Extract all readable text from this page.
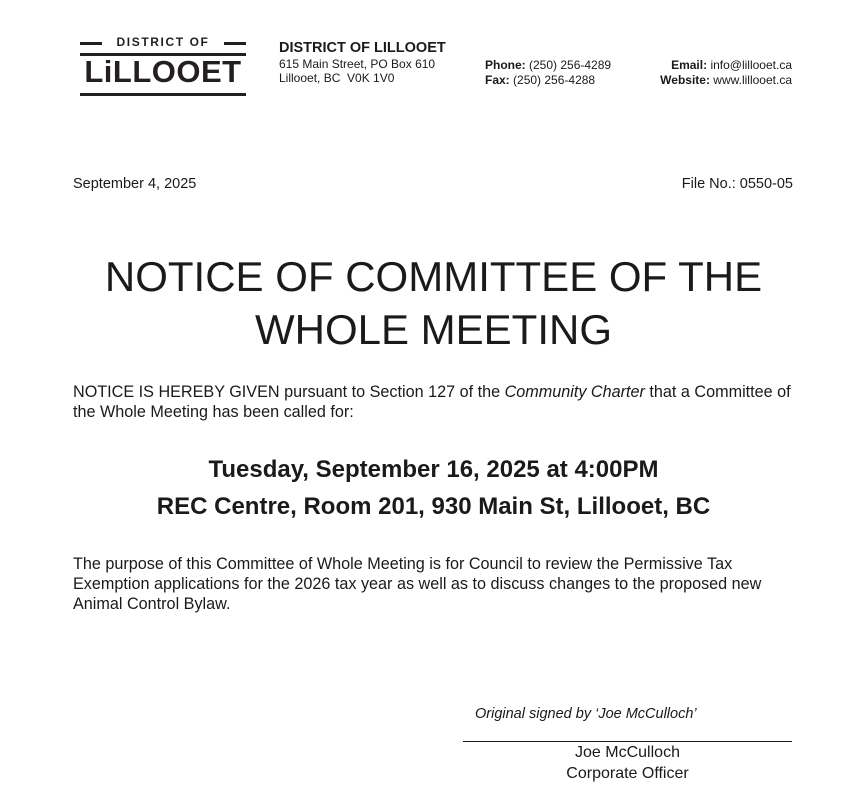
DISTRICT OF
LiLLOOET
DISTRICT OF LILLOOET
615 Main Street, PO Box 610
Lillooet, BC  V0K 1V0
Phone: (250) 256-4289
Fax: (250) 256-4288
Email: info@lillooet.ca
Website: www.lillooet.ca
September 4, 2025	File No.: 0550-05
NOTICE OF COMMITTEE OF THE
WHOLE MEETING
NOTICE IS HEREBY GIVEN pursuant to Section 127 of the Community Charter that a Committee of the Whole Meeting has been called for:
Tuesday, September 16, 2025 at 4:00PM
REC Centre, Room 201, 930 Main St, Lillooet, BC
The purpose of this Committee of Whole Meeting is for Council to review the Permissive Tax Exemption applications for the 2026 tax year as well as to discuss changes to the proposed new Animal Control Bylaw.
Original signed by ‘Joe McCulloch’
Joe McCulloch
Corporate Officer
